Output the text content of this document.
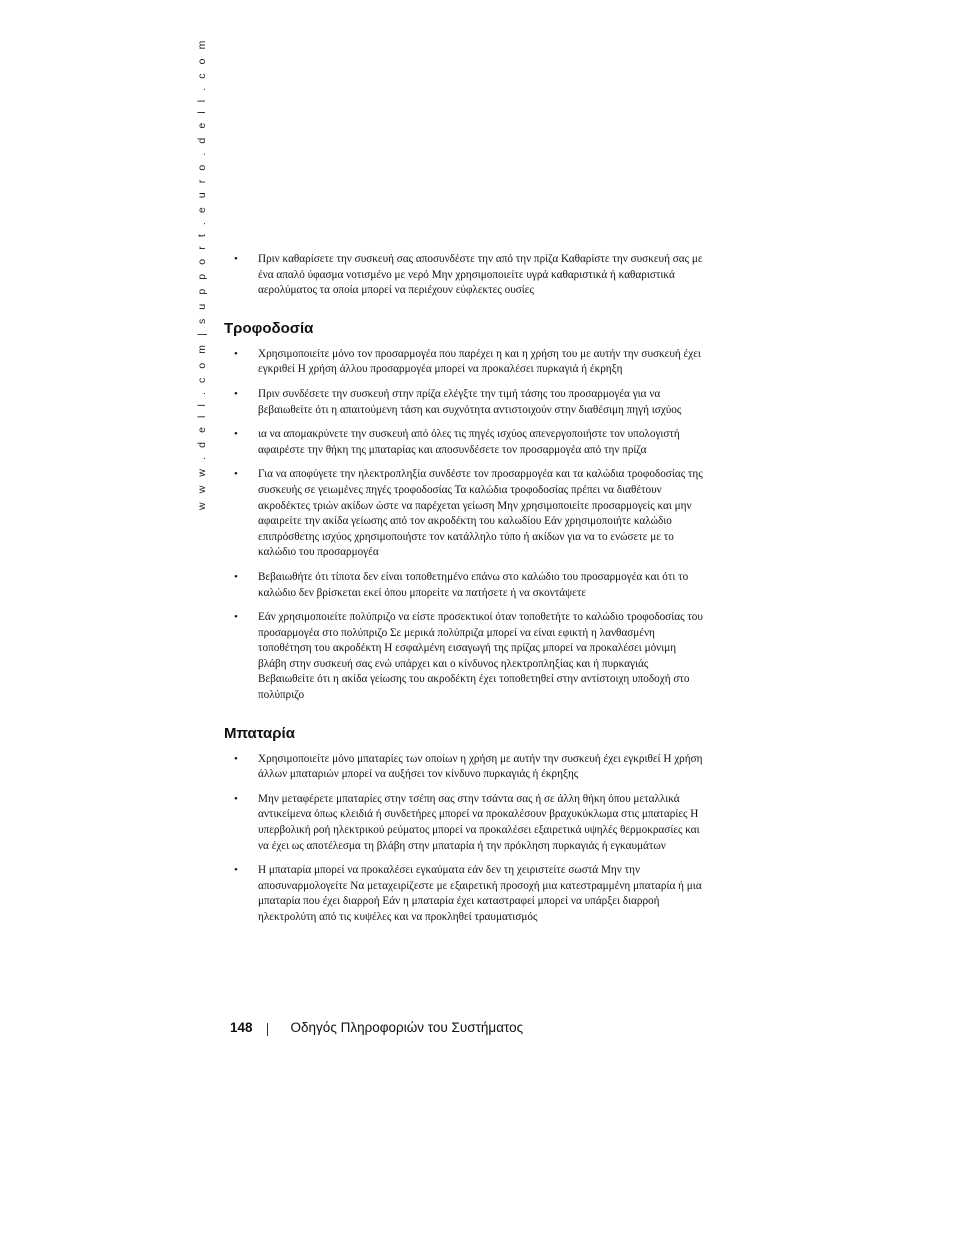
w w w . d e l l . c o m | s u p p o r t . e u r o . d e l l . c o m	• Πριν καθαρίσετε την συσκευή σας αποσυνδέστε την από την πρίζα Καθαρίστε την συσκευή σας με ένα απαλό ύφασμα νοτισμένο με νερό Μην χρησιμοποιείτε υγρά καθαριστικά ή καθαριστικά αερολύματος τα οποία μπορεί να περιέχουν εύφλεκτες ουσίες
Τροφοδοσία
• Χρησιμοποιείτε μόνο τον προσαρμογέα που παρέχει η και η χρήση του με αυτήν την συσκευή έχει εγκριθεί Η χρήση άλλου προσαρμογέα μπορεί να προκαλέσει πυρκαγιά ή έκρηξη
• Πριν συνδέσετε την συσκευή στην πρίζα ελέγξτε την τιμή τάσης του προσαρμογέα για να βεβαιωθείτε ότι η απαιτούμενη τάση και συχνότητα αντιστοιχούν στην διαθέσιμη πηγή ισχύος
• ια να απομακρύνετε την συσκευή από όλες τις πηγές ισχύος απενεργοποιήστε τον υπολογιστή αφαιρέστε την θήκη της μπαταρίας και αποσυνδέσετε τον προσαρμογέα από την πρίζα
• Για να αποφύγετε την ηλεκτροπληξία συνδέστε τον προσαρμογέα και τα καλώδια τροφοδοσίας της συσκευής σε γειωμένες πηγές τροφοδοσίας Τα καλώδια τροφοδοσίας πρέπει να διαθέτουν ακροδέκτες τριών ακίδων ώστε να παρέχεται γείωση Μην χρησιμοποιείτε προσαρμογείς και μην αφαιρείτε την ακίδα γείωσης από τον ακροδέκτη του καλωδίου Εάν χρησιμοποιήτε καλώδιο επιπρόσθετης ισχύος χρησιμοποιήστε τον κατάλληλο τύπο ή ακίδων για να το ενώσετε με το καλώδιο του προσαρμογέα
• Βεβαιωθήτε ότι τίποτα δεν είναι τοποθετημένο επάνω στο καλώδιο του προσαρμογέα και ότι το καλώδιο δεν βρίσκεται εκεί όπου μπορείτε να πατήσετε ή να σκοντάψετε
• Εάν χρησιμοποιείτε πολύπριζο να είστε προσεκτικοί όταν τοποθετήτε το καλώδιο τροφοδοσίας του προσαρμογέα στο πολύπριζο Σε μερικά πολύπριζα μπορεί να είναι εφικτή η λανθασμένη τοποθέτηση του ακροδέκτη Η εσφαλμένη εισαγωγή της πρίζας μπορεί να προκαλέσει μόνιμη βλάβη στην συσκευή σας ενώ υπάρχει και ο κίνδυνος ηλεκτροπληξίας και ή πυρκαγιάς Βεβαιωθείτε ότι η ακίδα γείωσης του ακροδέκτη έχει τοποθετηθεί στην αντίστοιχη υποδοχή στο πολύπριζο
Μπαταρία
• Χρησιμοποιείτε μόνο μπαταρίες των οποίων η χρήση με αυτήν την συσκευή έχει εγκριθεί Η χρήση άλλων μπαταριών μπορεί να αυξήσει τον κίνδυνο πυρκαγιάς ή έκρηξης
• Μην μεταφέρετε μπαταρίες στην τσέπη σας στην τσάντα σας ή σε άλλη θήκη όπου μεταλλικά αντικείμενα όπως κλειδιά ή συνδετήρες μπορεί να προκαλέσουν βραχυκύκλωμα στις μπαταρίες Η υπερβολική ροή ηλεκτρικού ρεύματος μπορεί να προκαλέσει εξαιρετικά υψηλές θερμοκρασίες και να έχει ως αποτέλεσμα τη βλάβη στην μπαταρία ή την πρόκληση πυρκαγιάς ή εγκαυμάτων
• Η μπαταρία μπορεί να προκαλέσει εγκαύματα εάν δεν τη χειριστείτε σωστά Μην την αποσυναρμολογείτε Να μεταχειρίζεστε με εξαιρετική προσοχή μια κατεστραμμένη μπαταρία ή μια μπαταρία που έχει διαρροή Εάν η μπαταρία έχει καταστραφεί μπορεί να υπάρξει διαρροή ηλεκτρολύτη από τις κυψέλες και να προκληθεί τραυματισμός
148	Οδηγός Πληροφοριών του Συστήματος
